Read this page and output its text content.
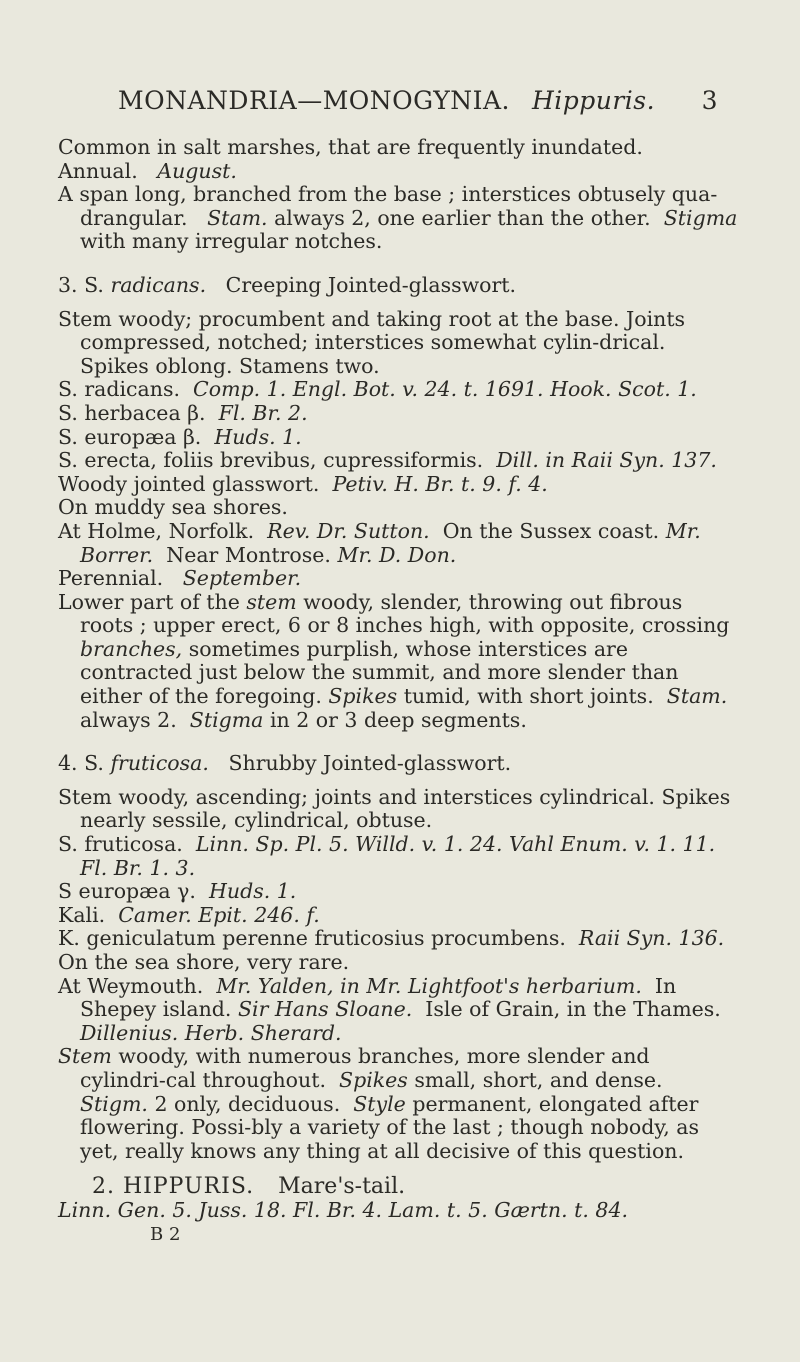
MONANDRIA—MONOGYNIA. Hippuris. 3

Common in salt marshes, that are frequently inundated.

Annual. August.

A span long, branched from the base ; interstices obtusely qua-drangular. Stam. always 2, one earlier than the other. Stigma with many irregular notches.

3. S. radicans. Creeping Jointed-glasswort.

Stem woody; procumbent and taking root at the base. Joints compressed, notched; interstices somewhat cylin-drical. Spikes oblong. Stamens two.

S. radicans. Comp. 1. Engl. Bot. v. 24. t. 1691. Hook. Scot. 1.

S. herbacea β. Fl. Br. 2.

S. europæa β. Huds. 1.

S. erecta, foliis brevibus, cupressiformis. Dill. in Raii Syn. 137.

Woody jointed glasswort. Petiv. H. Br. t. 9. f. 4.

On muddy sea shores.

At Holme, Norfolk. Rev. Dr. Sutton. On the Sussex coast. Mr. Borrer. Near Montrose. Mr. D. Don.

Perennial. September.

Lower part of the stem woody, slender, throwing out fibrous roots ; upper erect, 6 or 8 inches high, with opposite, crossing branches, sometimes purplish, whose interstices are contracted just below the summit, and more slender than either of the foregoing. Spikes tumid, with short joints. Stam. always 2. Stigma in 2 or 3 deep segments.

4. S. fruticosa. Shrubby Jointed-glasswort.

Stem woody, ascending; joints and interstices cylindrical. Spikes nearly sessile, cylindrical, obtuse.

S. fruticosa. Linn. Sp. Pl. 5. Willd. v. 1. 24. Vahl Enum. v. 1. 11. Fl. Br. 1. 3.

S europæa γ. Huds. 1.

Kali. Camer. Epit. 246. f.

K. geniculatum perenne fruticosius procumbens. Raii Syn. 136.

On the sea shore, very rare.

At Weymouth. Mr. Yalden, in Mr. Lightfoot's herbarium. In Shepey island. Sir Hans Sloane. Isle of Grain, in the Thames. Dillenius. Herb. Sherard.

Stem woody, with numerous branches, more slender and cylindri-cal throughout. Spikes small, short, and dense.  Stigm. 2 only, deciduous. Style permanent, elongated after flowering. Possi-bly a variety of the last ; though nobody, as yet, really knows any thing at all decisive of this question.

2. HIPPURIS. Mare's-tail.

Linn. Gen. 5. Juss. 18. Fl. Br. 4. Lam. t. 5. Gærtn. t. 84.

B 2
